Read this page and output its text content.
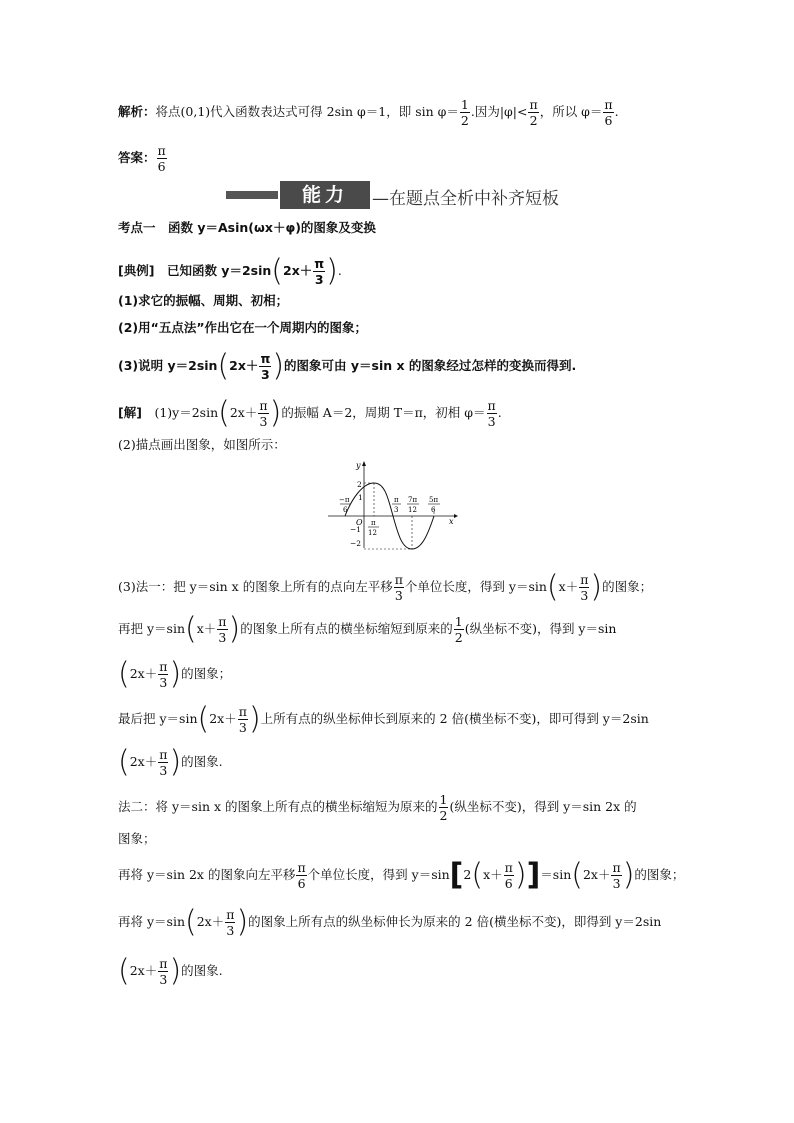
解析：将点(0,1)代入函数表达式可得 2sin φ＝1，即 $\sin \varphi= \frac{1}{2}$ .因为$|\varphi|< \frac{\pi}{2}$ ，所以 $\varphi= \frac{\pi}{6}$ .
答案： $\frac{\pi}{6}$
能力	—在题点全析中补齐短板
考点一　函数 y＝Asin(ωx＋φ)的图象及变换
[典例]　 已知函数 $y=2\sin(2x+ \frac{\pi}{3}$ ).
(1)求它的振幅、周期、初相；
(2)用“五点法”作出它在一个周期内的图象；
(3)说明 $y=2\sin(2x+ \frac{\pi}{3}$ )的图象可由 y＝sin x 的图象经过怎样的变换而得到.
[解]　 $(1)y=2\sin(2x+ \frac{\pi}{3}$ )的振幅 A＝2，周期 T＝π，初相 $\varphi= \frac{\pi}{3}$ .
(2)描点画出图象，如图所示：
y
x
O
2
1
−1
−2
−π
6
π
12
π
3
7π
12
5π
6
(3)法一：把 y＝sin x 的图象上所有的点向左平移 $\frac{\pi}{3}$ 个单位长度，得到 $y=\sin(x+ \frac{\pi}{3}$ )的图象；
再把 $y=\sin(x+ \frac{\pi}{3}$ )的图象上所有点的横坐标缩短到原来的 $\frac{1}{2}$ (纵坐标不变)，得到 y＝sin
($2x+ \frac{\pi}{3}$ )的图象；
最后把 $y=\sin(2x+ \frac{\pi}{3}$ )上所有点的纵坐标伸长到原来的 2 倍(横坐标不变)，即可得到 y＝2sin
($2x+ \frac{\pi}{3}$ )的图象.
法二：将 y＝sin x 的图象上所有点的横坐标缩短为原来的 $\frac{1}{2}$ (纵坐标不变)，得到 y＝sin 2x 的
图象；
再将 y＝sin 2x 的图象向左平移 $\frac{\pi}{6}$ 个单位长度，得到 $y=\sin[2(x+ \frac{\pi}{6} )]=\sin(2x+ \frac{\pi}{3}$ )的图象；
再将 $y=\sin(2x+ \frac{\pi}{3}$ )的图象上所有点的纵坐标伸长为原来的 2 倍(横坐标不变)，即得到 y＝2sin
($2x+ \frac{\pi}{3}$ )的图象.
